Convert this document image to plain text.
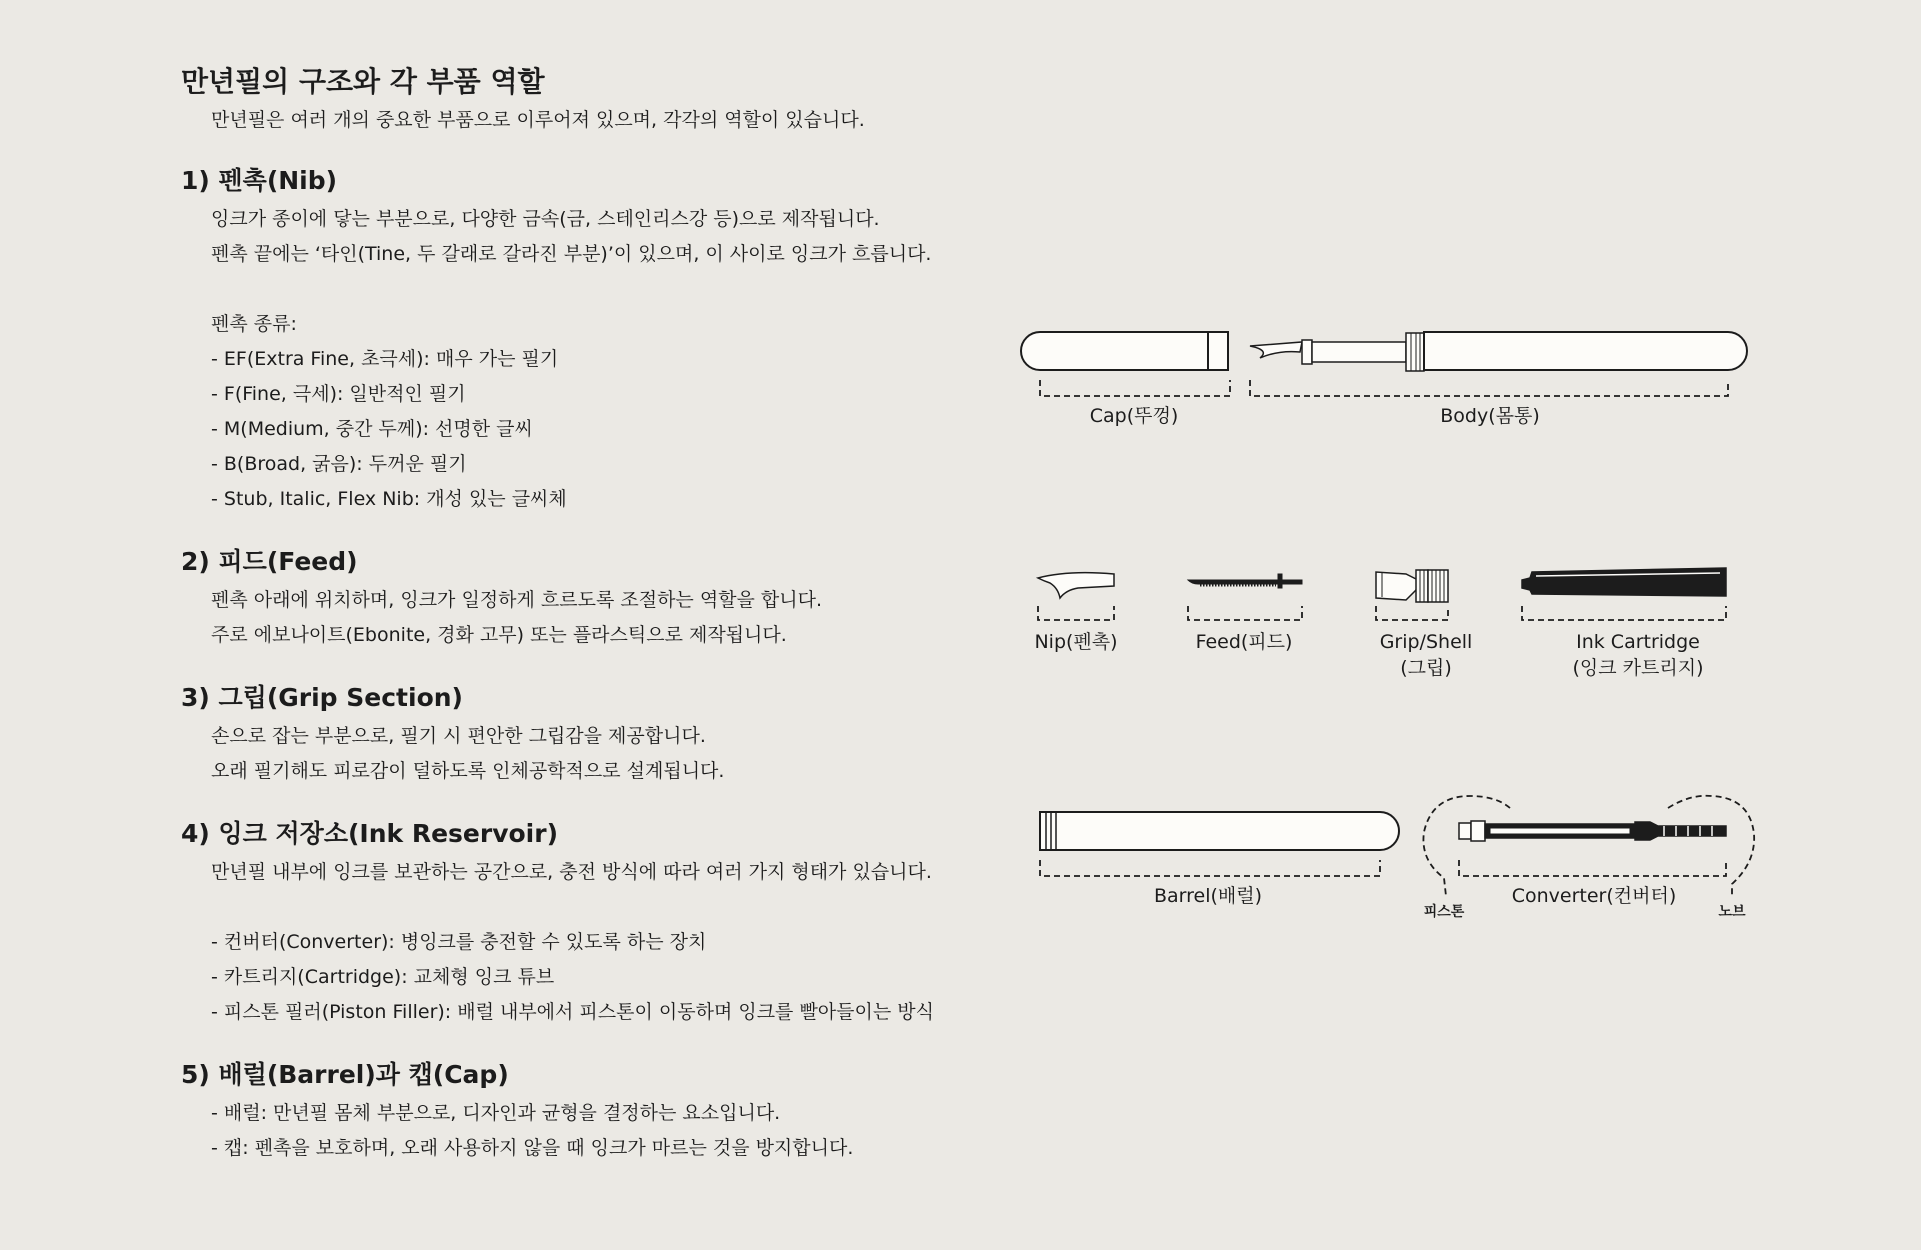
만년필의 구조와 각 부품 역할

만년필은 여러 개의 중요한 부품으로 이루어져 있으며, 각각의 역할이 있습니다.

1) 펜촉(Nib)

잉크가 종이에 닿는 부분으로, 다양한 금속(금, 스테인리스강 등)으로 제작됩니다.

펜촉 끝에는 ‘타인(Tine, 두 갈래로 갈라진 부분)’이 있으며, 이 사이로 잉크가 흐릅니다.

펜촉 종류:

- EF(Extra Fine, 초극세): 매우 가는 필기

- F(Fine, 극세): 일반적인 필기

- M(Medium, 중간 두께): 선명한 글씨

- B(Broad, 굵음): 두꺼운 필기

- Stub, Italic, Flex Nib: 개성 있는 글씨체

2) 피드(Feed)

펜촉 아래에 위치하며, 잉크가 일정하게 흐르도록 조절하는 역할을 합니다.

주로 에보나이트(Ebonite, 경화 고무) 또는 플라스틱으로 제작됩니다.

3) 그립(Grip Section)

손으로 잡는 부분으로, 필기 시 편안한 그립감을 제공합니다.

오래 필기해도 피로감이 덜하도록 인체공학적으로 설계됩니다.

4) 잉크 저장소(Ink Reservoir)

만년필 내부에 잉크를 보관하는 공간으로, 충전 방식에 따라 여러 가지 형태가 있습니다.

- 컨버터(Converter): 병잉크를 충전할 수 있도록 하는 장치

- 카트리지(Cartridge): 교체형 잉크 튜브

- 피스톤 필러(Piston Filler): 배럴 내부에서 피스톤이 이동하며 잉크를 빨아들이는 방식

5) 배럴(Barrel)과 캡(Cap)

- 배럴: 만년필 몸체 부분으로, 디자인과 균형을 결정하는 요소입니다.

- 캡: 펜촉을 보호하며, 오래 사용하지 않을 때 잉크가 마르는 것을 방지합니다.

Cap(뚜껑)	Body(몸통)
Nip(펜촉)	Feed(피드)	Grip/Shell
(그립)
Ink Cartridge
(잉크 카트리지)
Barrel(배럴)	Converter(컨버터)
피스톤	노브
